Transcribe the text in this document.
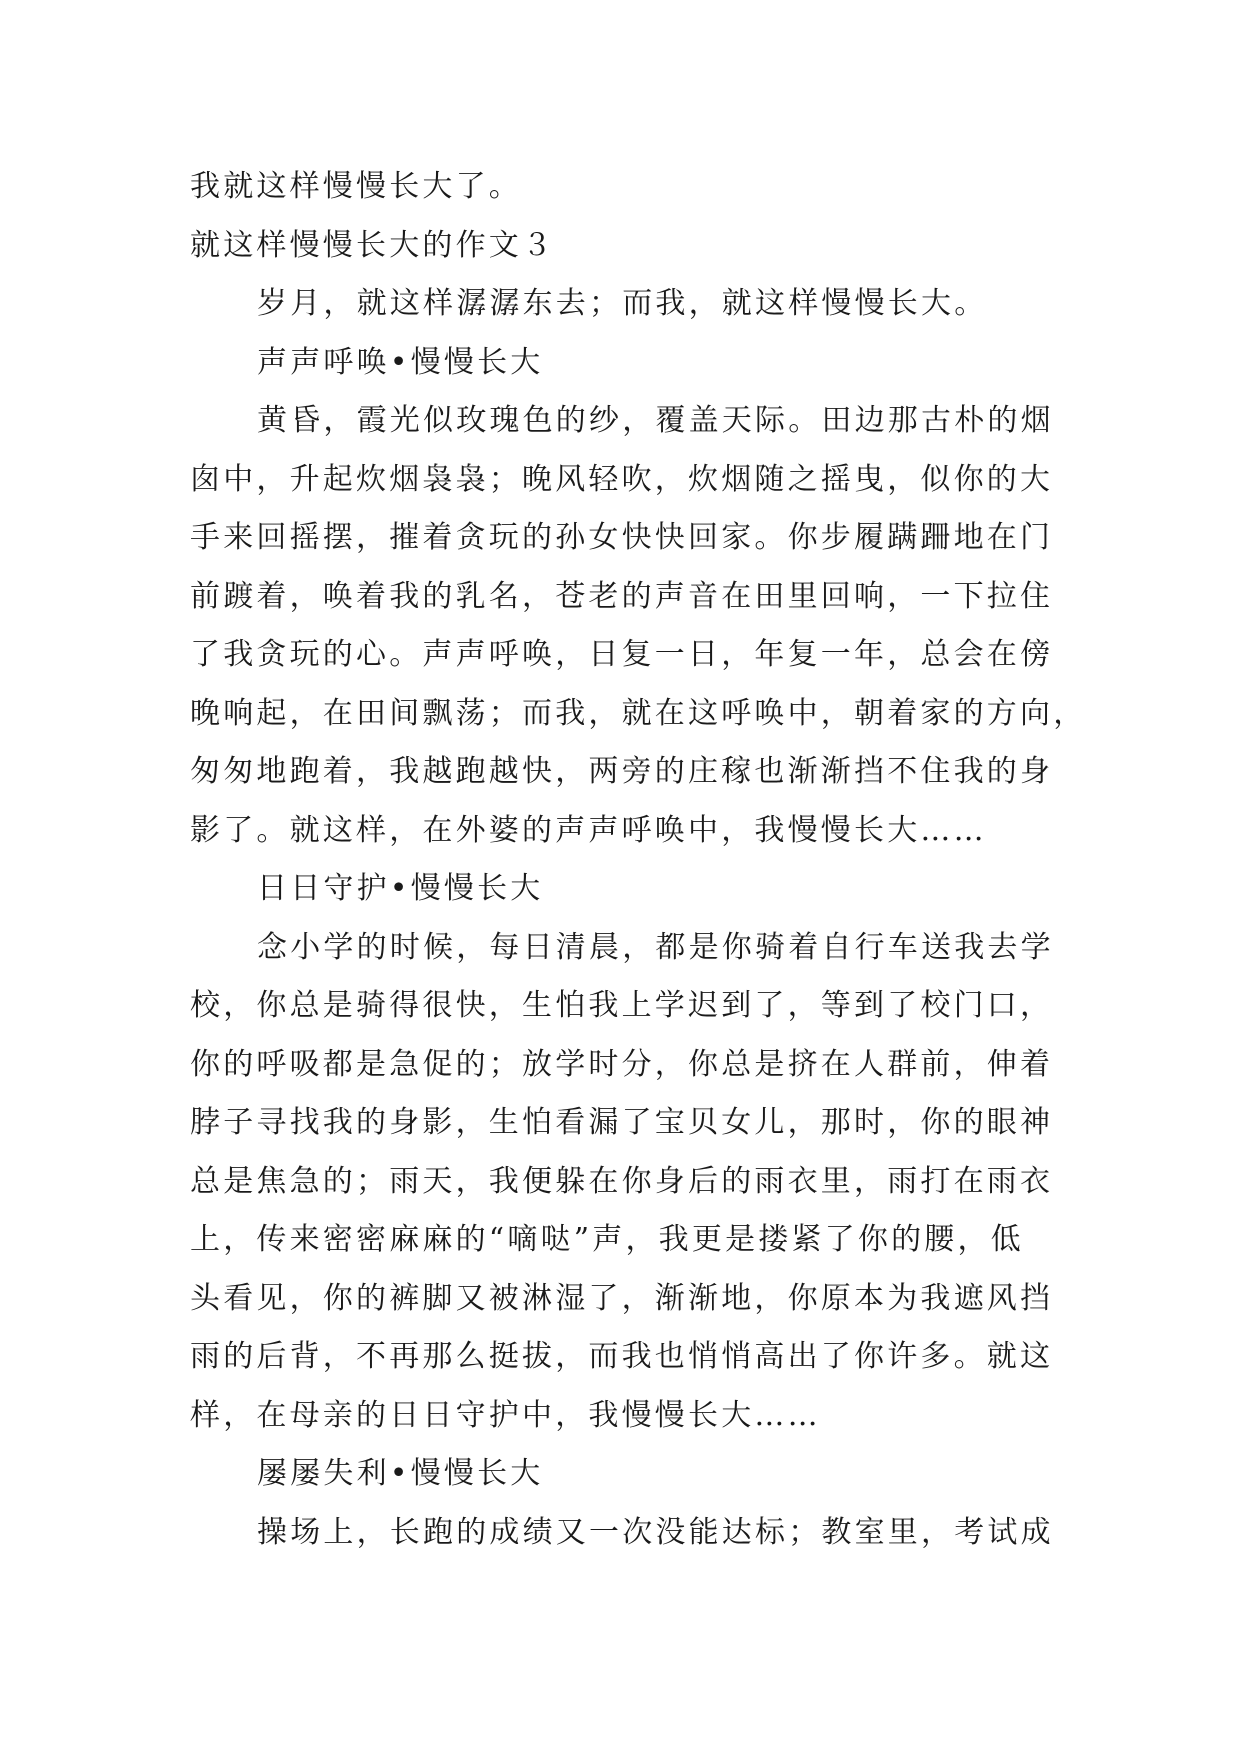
我就这样慢慢长大了。

就这样慢慢长大的作文３

岁月，就这样潺潺东去；而我，就这样慢慢长大。

声声呼唤•慢慢长大

黄昏，霞光似玫瑰色的纱，覆盖天际。田边那古朴的烟

囱中，升起炊烟袅袅；晚风轻吹，炊烟随之摇曳，似你的大

手来回摇摆，摧着贪玩的孙女快快回家。你步履蹒跚地在门

前踱着，唤着我的乳名，苍老的声音在田里回响，一下拉住

了我贪玩的心。声声呼唤，日复一日，年复一年，总会在傍

晚响起，在田间飘荡；而我，就在这呼唤中，朝着家的方向，

匆匆地跑着，我越跑越快，两旁的庄稼也渐渐挡不住我的身

影了。就这样，在外婆的声声呼唤中，我慢慢长大……

日日守护•慢慢长大

念小学的时候，每日清晨，都是你骑着自行车送我去学

校，你总是骑得很快，生怕我上学迟到了，等到了校门口，

你的呼吸都是急促的；放学时分，你总是挤在人群前，伸着

脖子寻找我的身影，生怕看漏了宝贝女儿，那时，你的眼神

总是焦急的；雨天，我便躲在你身后的雨衣里，雨打在雨衣

上，传来密密麻麻的“嘀哒”声，我更是搂紧了你的腰，低

头看见，你的裤脚又被淋湿了，渐渐地，你原本为我遮风挡

雨的后背，不再那么挺拔，而我也悄悄高出了你许多。就这

样，在母亲的日日守护中，我慢慢长大……

屡屡失利•慢慢长大

操场上，长跑的成绩又一次没能达标；教室里，考试成
